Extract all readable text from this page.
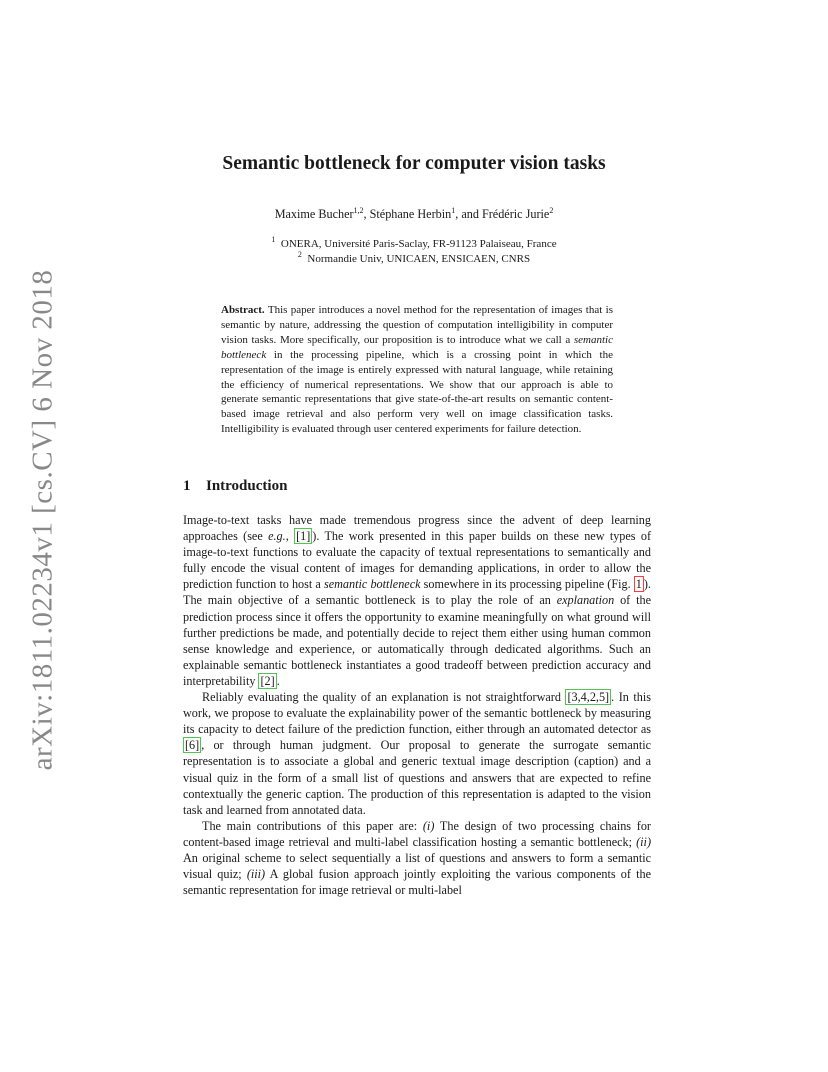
arXiv:1811.02234v1 [cs.CV] 6 Nov 2018
Semantic bottleneck for computer vision tasks
Maxime Bucher$^{1,2}$, Stéphane Herbin$^1$, and Frédéric Jurie$^2$
$^1$ ONERA, Université Paris-Saclay, FR-91123 Palaiseau, France
$^2$ Normandie Univ, UNICAEN, ENSICAEN, CNRS
Abstract. This paper introduces a novel method for the representation of images that is semantic by nature, addressing the question of computation intelligibility in computer vision tasks. More specifically, our proposition is to introduce what we call a semantic bottleneck in the processing pipeline, which is a crossing point in which the representation of the image is entirely expressed with natural language, while retaining the efficiency of numerical representations. We show that our approach is able to generate semantic representations that give state-of-the-art results on semantic content-based image retrieval and also perform very well on image classification tasks. Intelligibility is evaluated through user centered experiments for failure detection.
1 Introduction

Image-to-text tasks have made tremendous progress since the advent of deep learning approaches (see e.g., [1] ). The work presented in this paper builds on these new types of image-to-text functions to evaluate the capacity of textual representations to semantically and fully encode the visual content of images for demanding applications, in order to allow the prediction function to host a semantic bottleneck somewhere in its processing pipeline (Fig. 1 ). The main objective of a semantic bottleneck is to play the role of an explanation of the prediction process since it offers the opportunity to examine meaningfully on what ground will further predictions be made, and potentially decide to reject them either using human common sense knowledge and experience, or automatically through dedicated algorithms. Such an explainable semantic bottleneck instantiates a good tradeoff between prediction accuracy and interpretability [2] .

Reliably evaluating the quality of an explanation is not straightforward [3,4,2,5] . In this work, we propose to evaluate the explainability power of the semantic bottleneck by measuring its capacity to detect failure of the prediction function, either through an automated detector as [6] , or through human judgment. Our proposal to generate the surrogate semantic representation is to associate a global and generic textual image description (caption) and a visual quiz in the form of a small list of questions and answers that are expected to refine contextually the generic caption. The production of this representation is adapted to the vision task and learned from annotated data.

The main contributions of this paper are: (i) The design of two processing chains for content-based image retrieval and multi-label classification hosting a semantic bottleneck; (ii) An original scheme to select sequentially a list of questions and answers to form a semantic visual quiz; (iii) A global fusion approach jointly exploiting the various components of the semantic representation for image retrieval or multi-label
